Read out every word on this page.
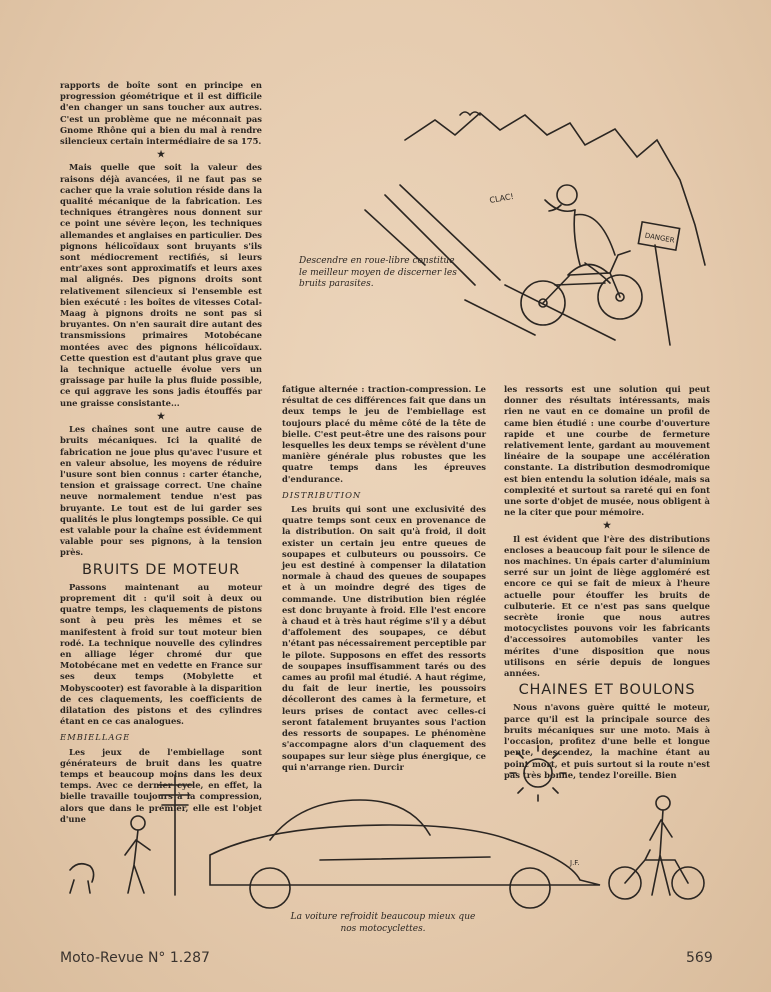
rapports de boîte sont en principe en progression géométrique et il est difficile d'en changer un sans toucher aux autres. C'est un problème que ne méconnait pas Gnome Rhône qui a bien du mal à rendre silencieux certain intermédiaire de sa 175.

★

Mais quelle que soit la valeur des raisons déjà avancées, il ne faut pas se cacher que la vraie solution réside dans la qualité mécanique de la fabrication. Les techniques étrangères nous donnent sur ce point une sévère leçon, les techniques allemandes et anglaises en particulier. Des pignons hélicoïdaux sont bruyants s'ils sont médiocrement rectifiés, si leurs entr'axes sont approximatifs et leurs axes mal alignés. Des pignons droits sont relativement silencieux si l'ensemble est bien exécuté : les boîtes de vitesses Cotal-Maag à pignons droits ne sont pas si bruyantes. On n'en saurait dire autant des transmissions primaires Motobécane montées avec des pignons hélicoïdaux. Cette question est d'autant plus grave que la technique actuelle évolue vers un graissage par huile la plus fluide possible, ce qui aggrave les sons jadis étouffés par une graisse consistante...

★

Les chaînes sont une autre cause de bruits mécaniques. Ici la qualité de fabrication ne joue plus qu'avec l'usure et en valeur absolue, les moyens de réduire l'usure sont bien connus : carter étanche, tension et graissage correct. Une chaîne neuve normalement tendue n'est pas bruyante. Le tout est de lui garder ses qualités le plus longtemps possible. Ce qui est valable pour la chaîne est évidemment valable pour ses pignons, à la tension près.

BRUITS DE MOTEUR

Passons maintenant au moteur proprement dit : qu'il soit à deux ou quatre temps, les claquements de pistons sont à peu près les mêmes et se manifestent à froid sur tout moteur bien rodé. La technique nouvelle des cylindres en alliage léger chromé dur que Motobécane met en vedette en France sur ses deux temps (Mobylette et Mobyscooter) est favorable à la disparition de ces claquements, les coefficients de dilatation des pistons et des cylindres étant en ce cas analogues.

EMBIELLAGE

Les jeux de l'embiellage sont générateurs de bruit dans les quatre temps et beaucoup moins dans les deux temps. Avec ce dernier cycle, en effet, la bielle travaille toujours à la compression, alors que dans le premier, elle est l'objet d'une

fatigue alternée : traction-compression. Le résultat de ces différences fait que dans un deux temps le jeu de l'embiellage est toujours placé du même côté de la tête de bielle. C'est peut-être une des raisons pour lesquelles les deux temps se révèlent d'une manière générale plus robustes que les quatre temps dans les épreuves d'endurance.

DISTRIBUTION

Les bruits qui sont une exclusivité des quatre temps sont ceux en provenance de la distribution. On sait qu'à froid, il doit exister un certain jeu entre queues de soupapes et culbuteurs ou poussoirs. Ce jeu est destiné à compenser la dilatation normale à chaud des queues de soupapes et à un moindre degré des tiges de commande. Une distribution bien réglée est donc bruyante à froid. Elle l'est encore à chaud et à très haut régime s'il y a début d'affolement des soupapes, ce début n'étant pas nécessairement perceptible par le pilote. Supposons en effet des ressorts de soupapes insuffisamment tarés ou des cames au profil mal étudié. A haut régime, du fait de leur inertie, les poussoirs décolleront des cames à la fermeture, et leurs prises de contact avec celles-ci seront fatalement bruyantes sous l'action des ressorts de soupapes. Le phénomène s'accompagne alors d'un claquement des soupapes sur leur siège plus énergique, ce qui n'arrange rien. Durcir

les ressorts est une solution qui peut donner des résultats intéressants, mais rien ne vaut en ce domaine un profil de came bien étudié : une courbe d'ouverture rapide et une courbe de fermeture relativement lente, gardant au mouvement linéaire de la soupape une accélération constante. La distribution desmodromique est bien entendu la solution idéale, mais sa complexité et surtout sa rareté qui en font une sorte d'objet de musée, nous obligent à ne la citer que pour mémoire.

★

Il est évident que l'ère des distributions encloses a beaucoup fait pour le silence de nos machines. Un épais carter d'aluminium serré sur un joint de liège aggloméré est encore ce qui se fait de mieux à l'heure actuelle pour étouffer les bruits de culbuterie. Et ce n'est pas sans quelque secrète ironie que nous autres motocyclistes pouvons voir les fabricants d'accessoires automobiles vanter les mérites d'une disposition que nous utilisons en série depuis de longues années.

CHAINES ET BOULONS

Nous n'avons guère quitté le moteur, parce qu'il est la principale source des bruits mécaniques sur une moto. Mais à l'occasion, profitez d'une belle et longue pente, descendez, la machine étant au point mort, et puis surtout si la route n'est pas très bonne, tendez l'oreille. Bien

CLAC!
DANGER
Descendre en roue-libre constitue le meilleur moyen de discerner les bruits parasites.
J.F.
La voiture refroidit beaucoup mieux que nos motocyclettes.
Moto-Revue N° 1.287	569
